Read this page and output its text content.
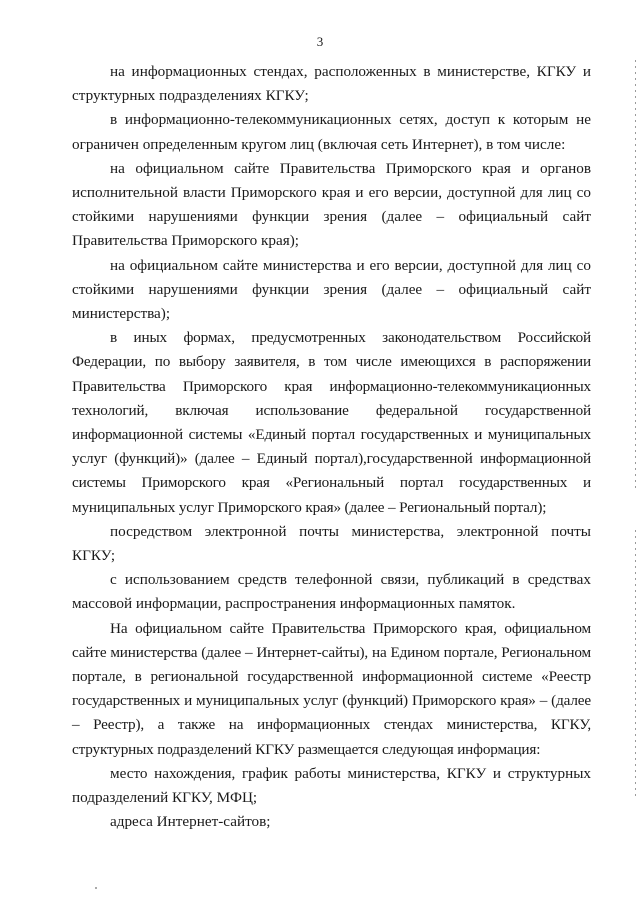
3

на информационных стендах, расположенных в министерстве, КГКУ и структурных подразделениях КГКУ;

в информационно-телекоммуникационных сетях, доступ к которым не ограничен определенным кругом лиц (включая сеть Интернет), в том числе:

на официальном сайте Правительства Приморского края и органов исполнительной власти Приморского края и его версии, доступной для лиц со стойкими нарушениями функции зрения (далее – официальный сайт Правительства Приморского края);

на официальном сайте министерства и его версии, доступной для лиц со стойкими нарушениями функции зрения (далее – официальный сайт министерства);

в иных формах, предусмотренных законодательством Российской Федерации, по выбору заявителя, в том числе имеющихся в распоряжении Правительства Приморского края информационно-телекоммуникационных технологий, включая использование федеральной государственной информационной системы «Единый портал государственных и муниципальных услуг (функций)» (далее – Единый портал),государственной информационной системы Приморского края «Региональный портал государственных и муниципальных услуг Приморского края» (далее – Региональный портал);

посредством электронной почты министерства, электронной почты КГКУ;

с использованием средств телефонной связи, публикаций в средствах массовой информации, распространения информационных памяток.

На официальном сайте Правительства Приморского края, официальном сайте министерства (далее – Интернет-сайты), на Едином портале, Региональном портале, в региональной государственной информационной системе «Реестр государственных и муниципальных услуг (функций) Приморского края» – (далее – Реестр), а также на информационных стендах министерства, КГКУ, структурных подразделений КГКУ размещается следующая информация:

место нахождения, график работы министерства, КГКУ и структурных подразделений КГКУ, МФЦ;

адреса Интернет-сайтов;
